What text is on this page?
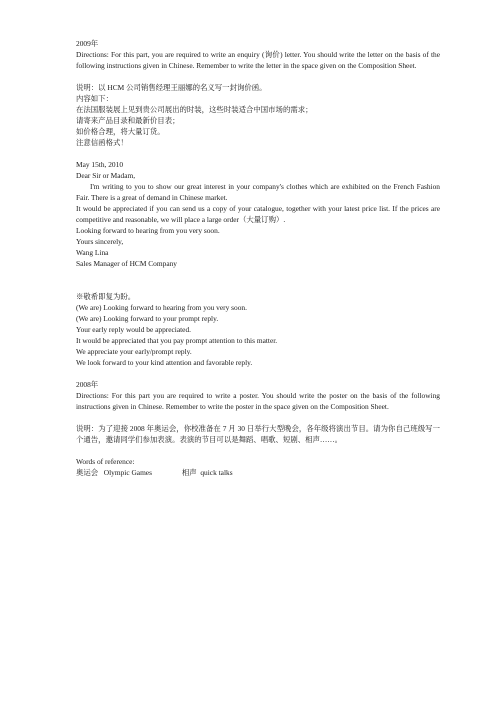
2009年
Directions: For this part, you are required to write an enquiry (询价) letter. You should write the letter on the basis of the following instructions given in Chinese. Remember to write the letter in the space given on the Composition Sheet.
说明：以 HCM 公司销售经理王丽娜的名义写一封询价函。
内容如下：
在法国服装展上见到贵公司展出的时装，这些时装适合中国市场的需求；
请寄来产品目录和最新价目表；
如价格合理，将大量订货。
注意信函格式！
May 15th, 2010
Dear Sir or Madam,
I'm writing to you to show our great interest in your company's clothes which are exhibited on the French Fashion Fair. There is a great of demand in Chinese market.
It would be appreciated if you can send us a copy of your catalogue, together with your latest price list. If the prices are competitive and reasonable, we will place a large order（大量订购）.
Looking forward to hearing from you very soon.
Yours sincerely,
Wang Lina
Sales Manager of HCM Company
※敬希即复为盼。
(We are) Looking forward to hearing from you very soon.
(We are) Looking forward to your prompt reply.
Your early reply would be appreciated.
It would be appreciated that you pay prompt attention to this matter.
We appreciate your early/prompt reply.
We look forward to your kind attention and favorable reply.
2008年
Directions: For this part you are required to write a poster. You should write the poster on the basis of the following instructions given in Chinese. Remember to write the poster in the space given on the Composition Sheet.
说明：为了迎接 2008 年奥运会，你校准备在 7 月 30 日举行大型晚会，各年级将演出节目。请为你自己班级写一个通告，邀请同学们参加表演。表演的节目可以是舞蹈、唱歌、短剧、相声……。
Words of reference:
奥运会 Olympic Games	相声 quick talks
